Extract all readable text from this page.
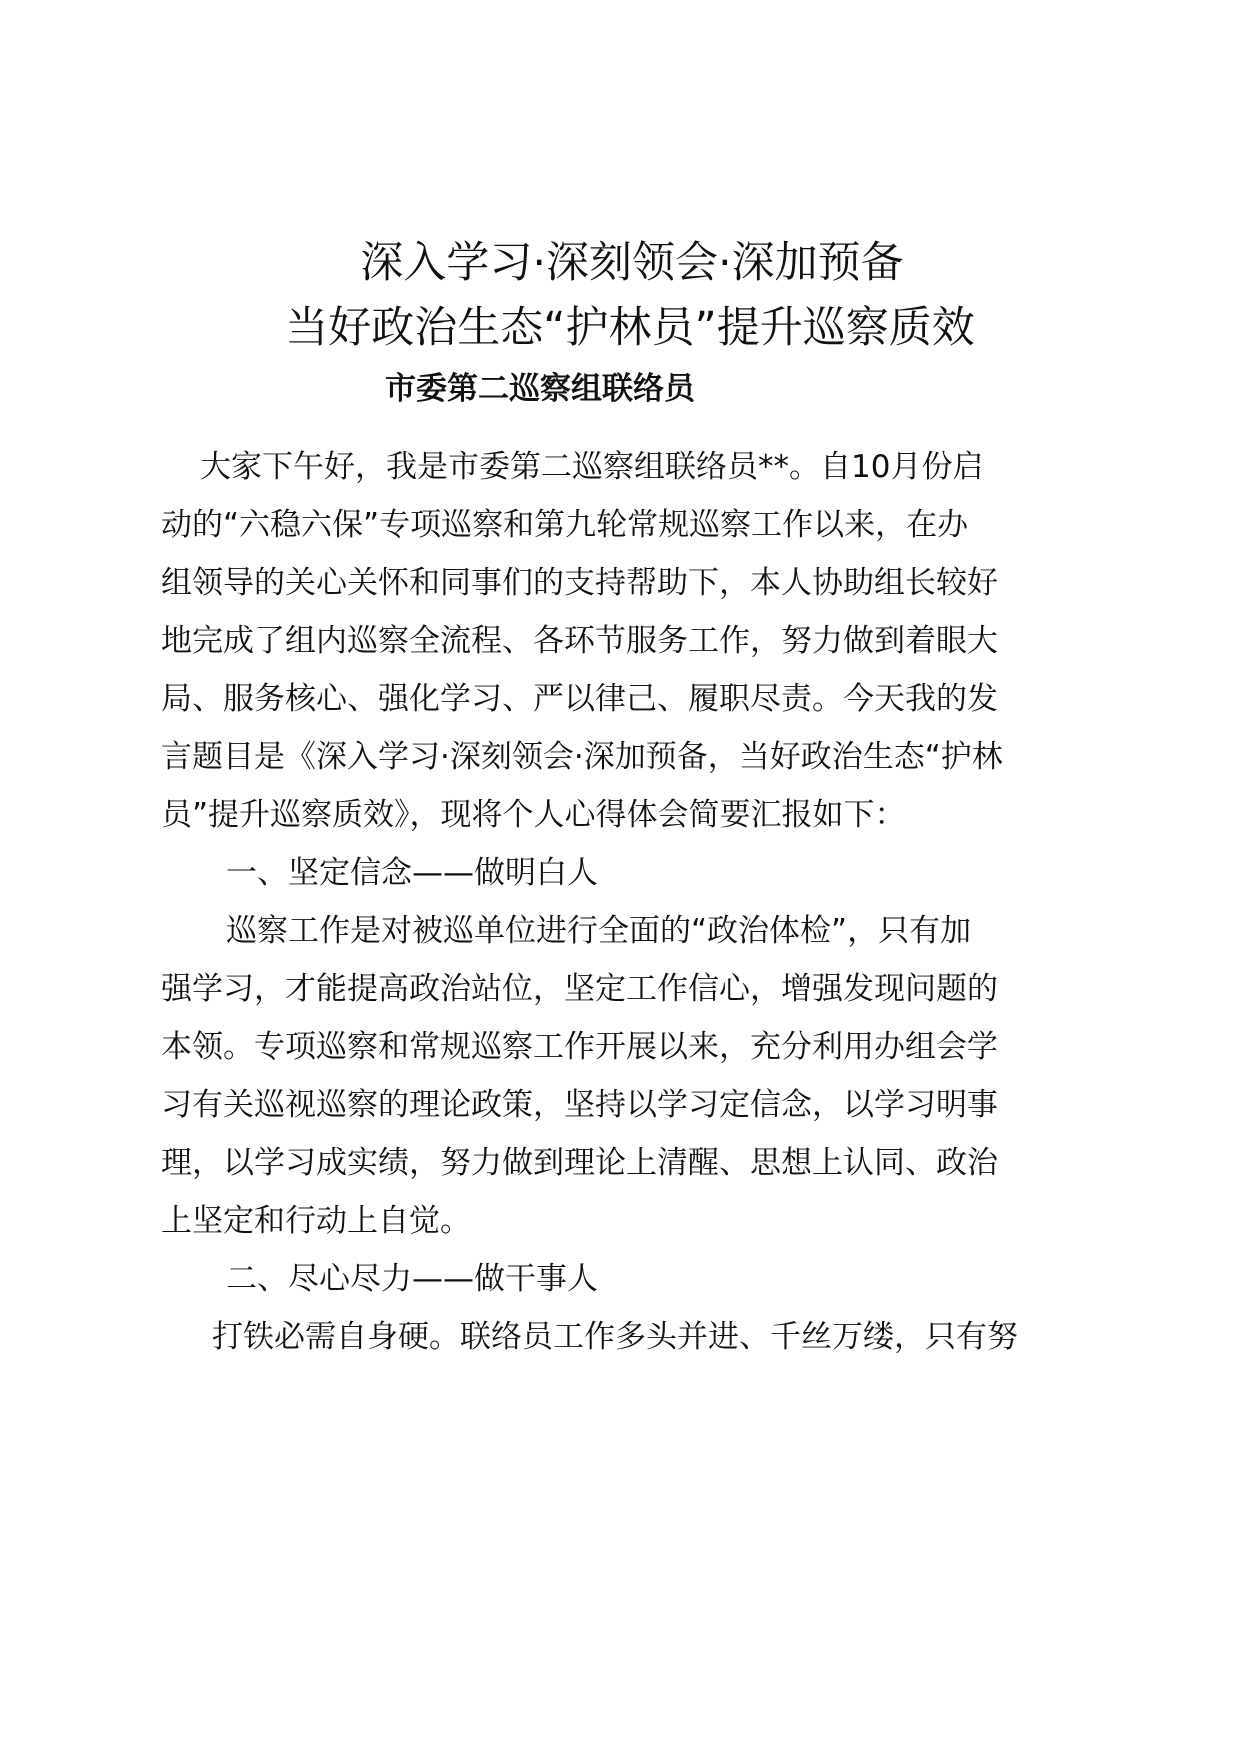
深入学习·深刻领会·深加预备
当好政治生态“护林员”提升巡察质效
市委第二巡察组联络员
大家下午好，我是市委第二巡察组联络员**。自10月份启
动的“六稳六保”专项巡察和第九轮常规巡察工作以来，在办
组领导的关心关怀和同事们的支持帮助下，本人协助组长较好
地完成了组内巡察全流程、各环节服务工作，努力做到着眼大
局、服务核心、强化学习、严以律己、履职尽责。今天我的发
言题目是《深入学习·深刻领会·深加预备，当好政治生态“护林
员”提升巡察质效》，现将个人心得体会简要汇报如下：
一、坚定信念——做明白人
巡察工作是对被巡单位进行全面的“政治体检”，只有加
强学习，才能提高政治站位，坚定工作信心，增强发现问题的
本领。专项巡察和常规巡察工作开展以来，充分利用办组会学
习有关巡视巡察的理论政策，坚持以学习定信念，以学习明事
理，以学习成实绩，努力做到理论上清醒、思想上认同、政治
上坚定和行动上自觉。
二、尽心尽力——做干事人
打铁必需自身硬。联络员工作多头并进、千丝万缕，只有努
